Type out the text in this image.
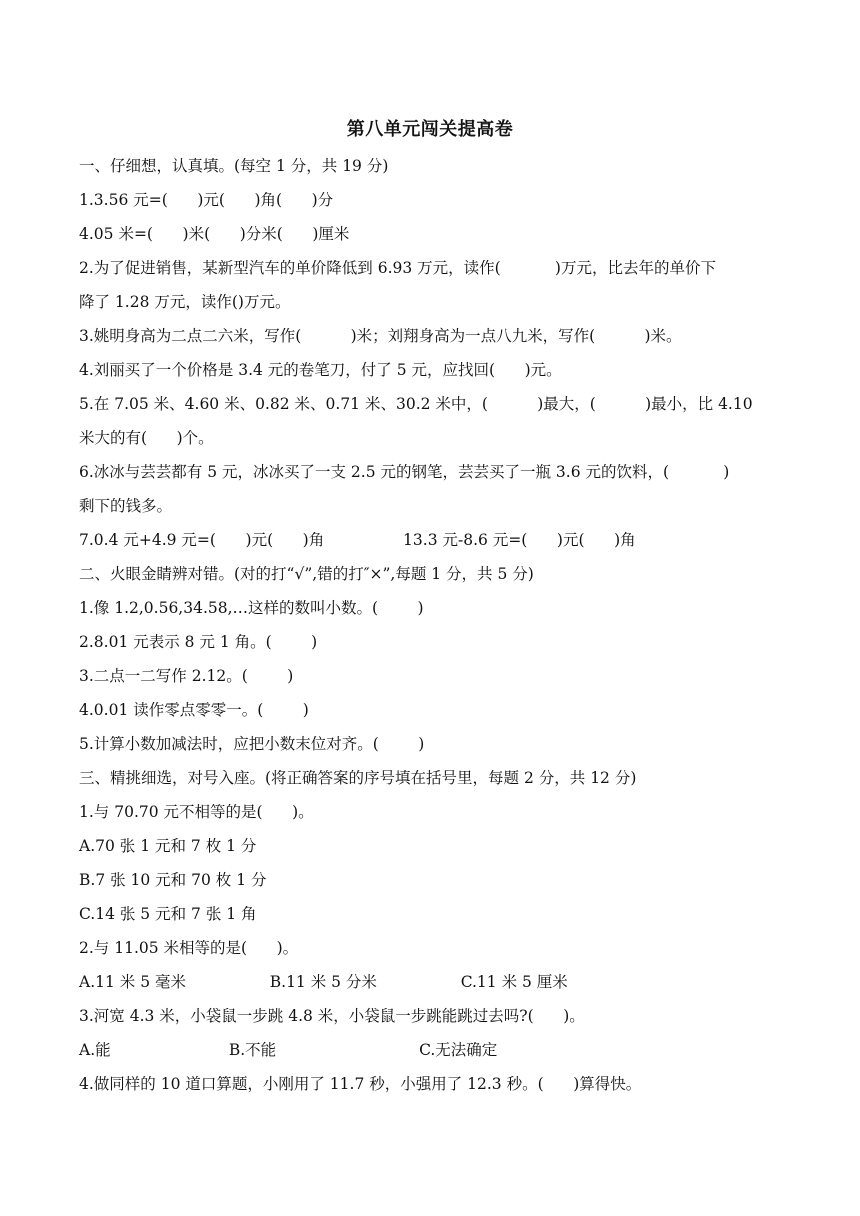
第八单元闯关提高卷
一、仔细想，认真填。(每空 1 分，共 19 分)
1.3.56 元=(      )元(      )角(      )分
4.05 米=(      )米(      )分米(      )厘米
2.为了促进销售，某新型汽车的单价降低到 6.93 万元，读作(           )万元，比去年的单价下
降了 1.28 万元，读作()万元。
3.姚明身高为二点二六米，写作(          )米；刘翔身高为一点八九米，写作(          )米。
4.刘丽买了一个价格是 3.4 元的卷笔刀，付了 5 元，应找回(      )元。
5.在 7.05 米、4.60 米、0.82 米、0.71 米、30.2 米中，(          )最大，(          )最小，比 4.10
米大的有(      )个。
6.冰冰与芸芸都有 5 元，冰冰买了一支 2.5 元的钢笔，芸芸买了一瓶 3.6 元的饮料，(           )
剩下的钱多。
7.0.4 元+4.9 元=(      )元(      )角                13.3 元-8.6 元=(      )元(      )角
二、火眼金睛辨对错。(对的打“√”,错的打″×”,每题 1 分，共 5 分)
1.像 1.2,0.56,34.58,…这样的数叫小数。(        )
2.8.01 元表示 8 元 1 角。(        )
3.二点一二写作 2.12。(        )
4.0.01 读作零点零零一。(        )
5.计算小数加减法时，应把小数末位对齐。(        )
三、精挑细选，对号入座。(将正确答案的序号填在括号里，每题 2 分，共 12 分)
1.与 70.70 元不相等的是(      )。
A.70 张 1 元和 7 枚 1 分
B.7 张 10 元和 70 枚 1 分
C.14 张 5 元和 7 张 1 角
2.与 11.05 米相等的是(      )。
A.11 米 5 毫米                 B.11 米 5 分米                 C.11 米 5 厘米
3.河宽 4.3 米，小袋鼠一步跳 4.8 米，小袋鼠一步跳能跳过去吗?(      )。
A.能                        B.不能                             C.无法确定
4.做同样的 10 道口算题，小刚用了 11.7 秒，小强用了 12.3 秒。(      )算得快。
